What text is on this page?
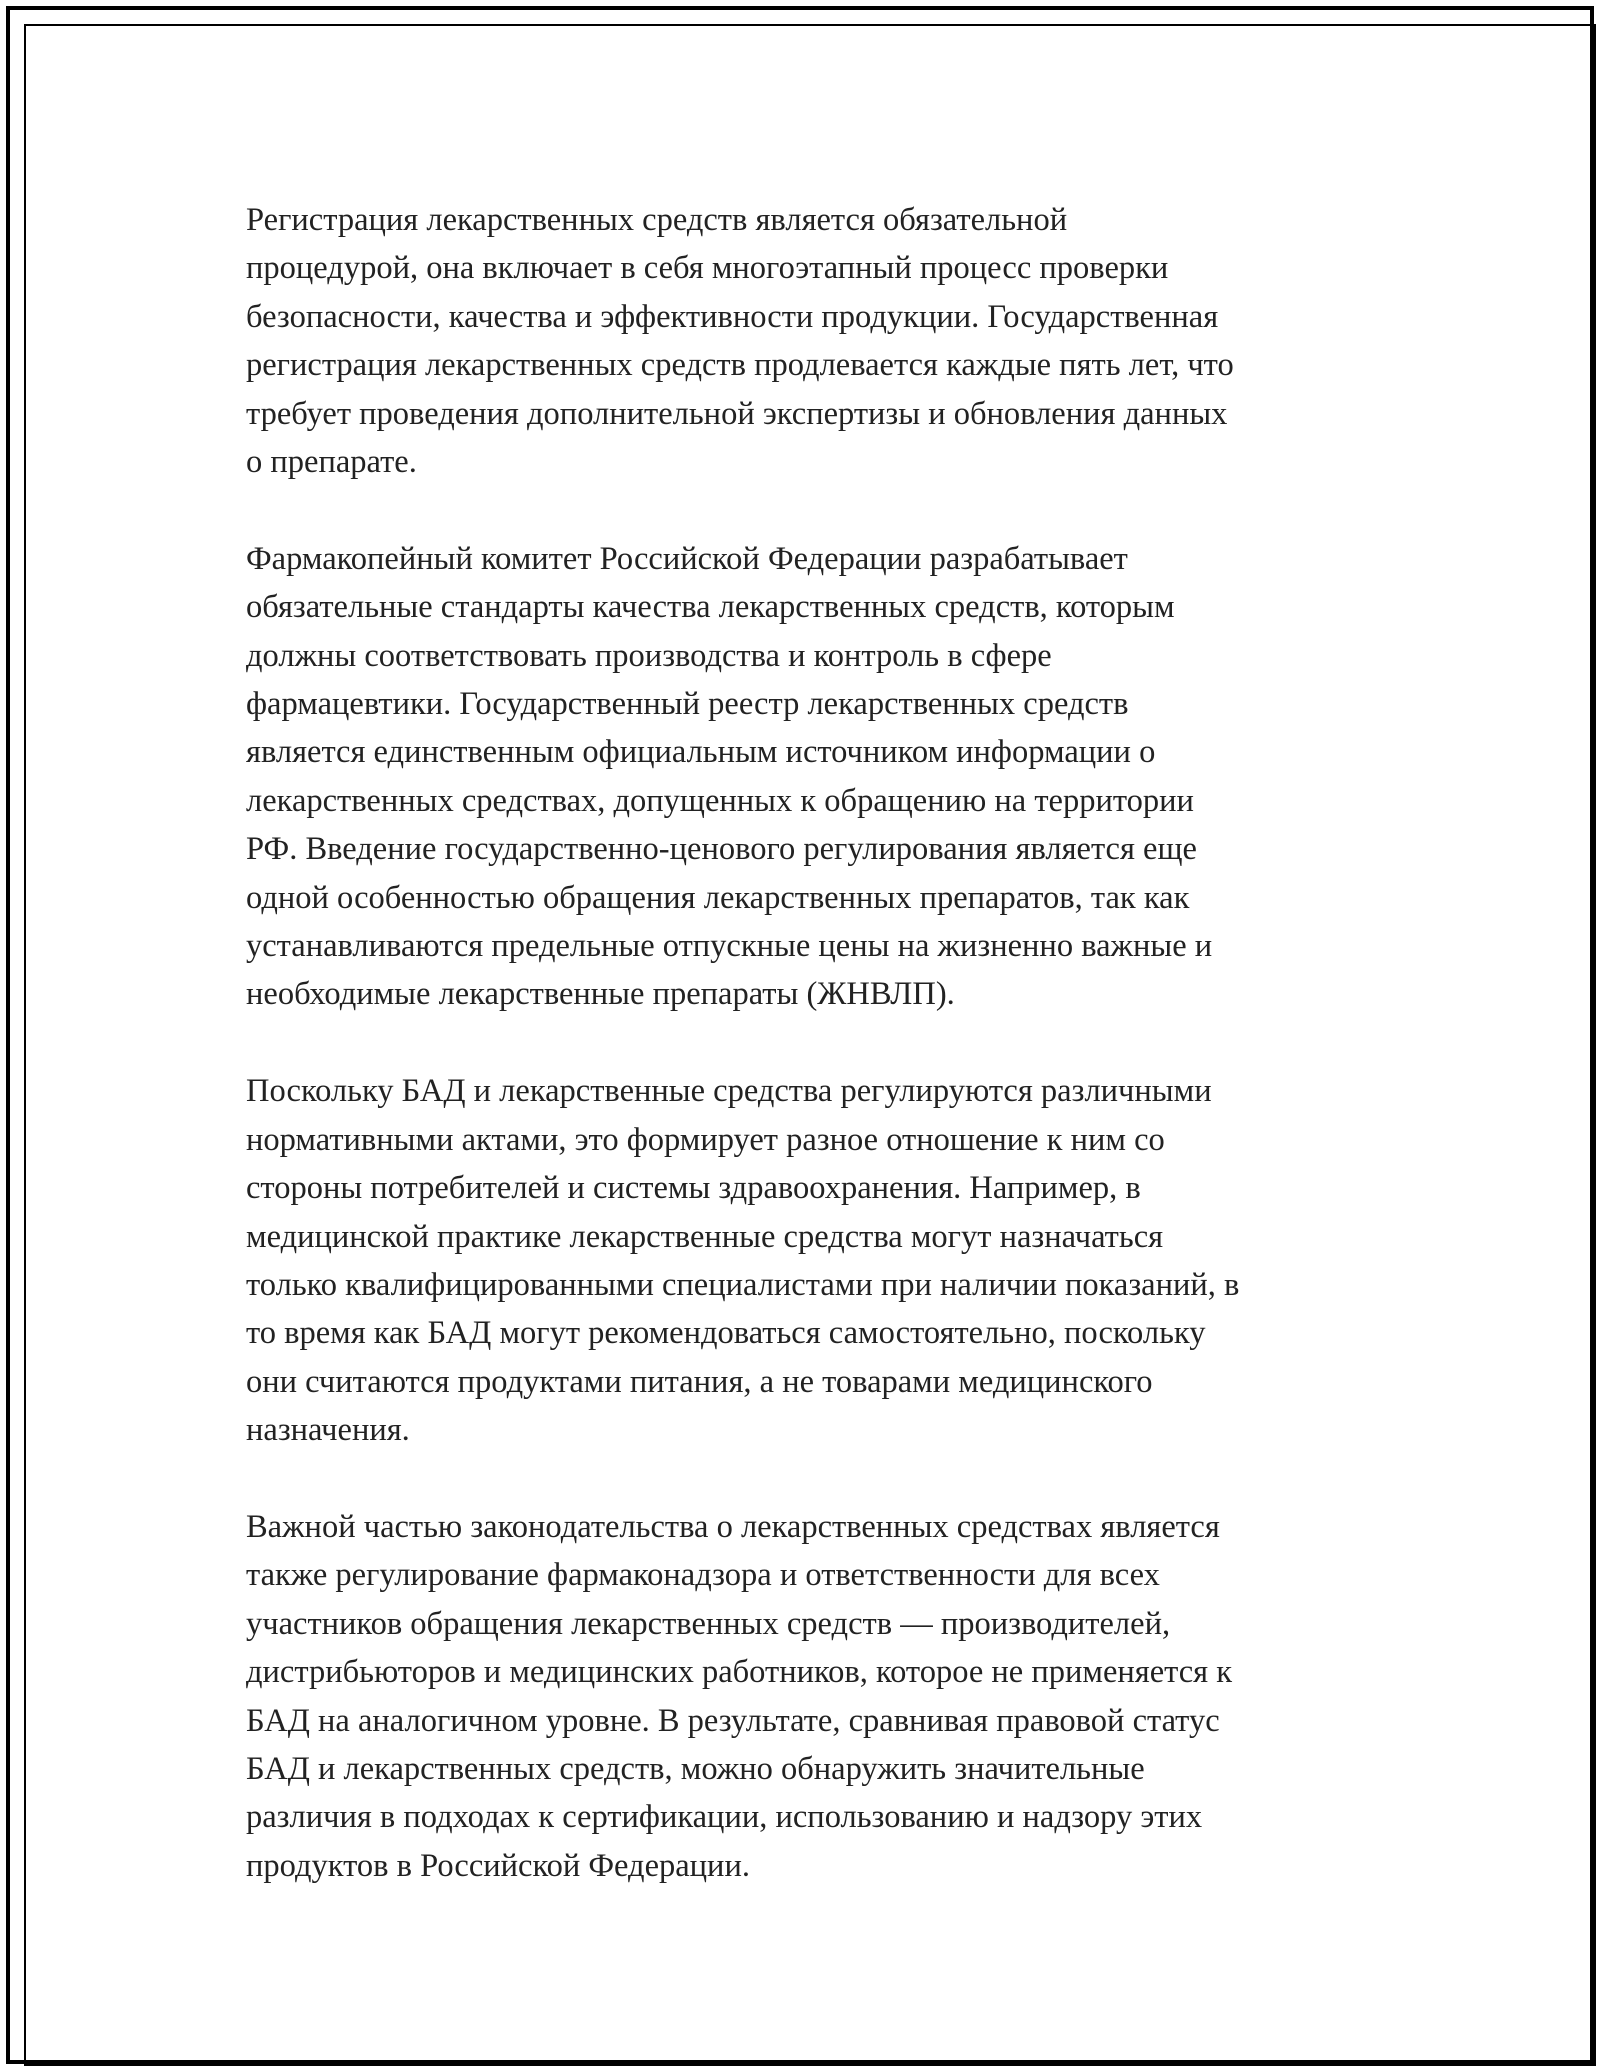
Регистрация лекарственных средств является обязательной
процедурой, она включает в себя многоэтапный процесс проверки
безопасности, качества и эффективности продукции. Государственная
регистрация лекарственных средств продлевается каждые пять лет, что
требует проведения дополнительной экспертизы и обновления данных
о препарате.

Фармакопейный комитет Российской Федерации разрабатывает
обязательные стандарты качества лекарственных средств, которым
должны соответствовать производства и контроль в сфере
фармацевтики. Государственный реестр лекарственных средств
является единственным официальным источником информации о
лекарственных средствах, допущенных к обращению на территории
РФ. Введение государственно-ценового регулирования является еще
одной особенностью обращения лекарственных препаратов, так как
устанавливаются предельные отпускные цены на жизненно важные и
необходимые лекарственные препараты (ЖНВЛП).

Поскольку БАД и лекарственные средства регулируются различными
нормативными актами, это формирует разное отношение к ним со
стороны потребителей и системы здравоохранения. Например, в
медицинской практике лекарственные средства могут назначаться
только квалифицированными специалистами при наличии показаний, в
то время как БАД могут рекомендоваться самостоятельно, поскольку
они считаются продуктами питания, а не товарами медицинского
назначения.

Важной частью законодательства о лекарственных средствах является
также регулирование фармаконадзора и ответственности для всех
участников обращения лекарственных средств — производителей,
дистрибьюторов и медицинских работников, которое не применяется к
БАД на аналогичном уровне. В результате, сравнивая правовой статус
БАД и лекарственных средств, можно обнаружить значительные
различия в подходах к сертификации, использованию и надзору этих
продуктов в Российской Федерации.
